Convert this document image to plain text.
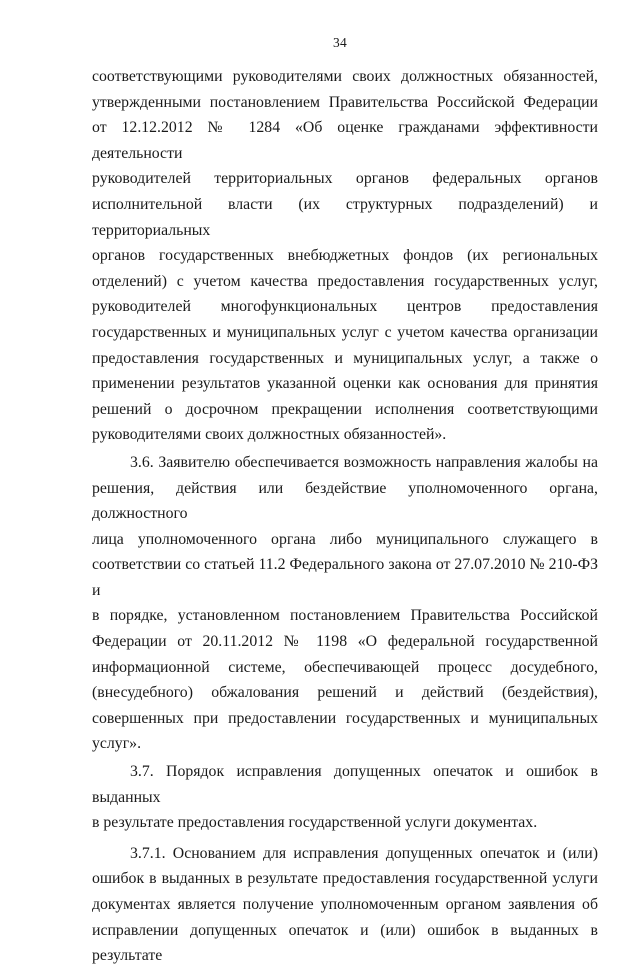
34

соответствующими руководителями своих должностных обязанностей,

утвержденными постановлением Правительства Российской Федерации

от 12.12.2012 № 1284 «Об оценке гражданами эффективности деятельности

руководителей территориальных органов федеральных органов

исполнительной власти (их структурных подразделений) и территориальных

органов государственных внебюджетных фондов (их региональных

отделений) с учетом качества предоставления государственных услуг,

руководителей многофункциональных центров предоставления

государственных и муниципальных услуг с учетом качества организации

предоставления государственных и муниципальных услуг, а также о

применении результатов указанной оценки как основания для принятия

решений о досрочном прекращении исполнения соответствующими

руководителями своих должностных обязанностей».

3.6. Заявителю обеспечивается возможность направления жалобы на

решения, действия или бездействие уполномоченного органа, должностного

лица уполномоченного органа либо муниципального служащего в

соответствии со статьей 11.2 Федерального закона от 27.07.2010 № 210-ФЗ и

в порядке, установленном постановлением Правительства Российской

Федерации от 20.11.2012 № 1198 «О федеральной государственной

информационной системе, обеспечивающей процесс досудебного,

(внесудебного) обжалования решений и действий (бездействия),

совершенных при предоставлении государственных и муниципальных

услуг».

3.7. Порядок исправления допущенных опечаток и ошибок в выданных

в результате предоставления государственной услуги документах.

3.7.1. Основанием для исправления допущенных опечаток и (или)

ошибок в выданных в результате предоставления государственной услуги

документах является получение уполномоченным органом заявления об

исправлении допущенных опечаток и (или) ошибок в выданных в результате
